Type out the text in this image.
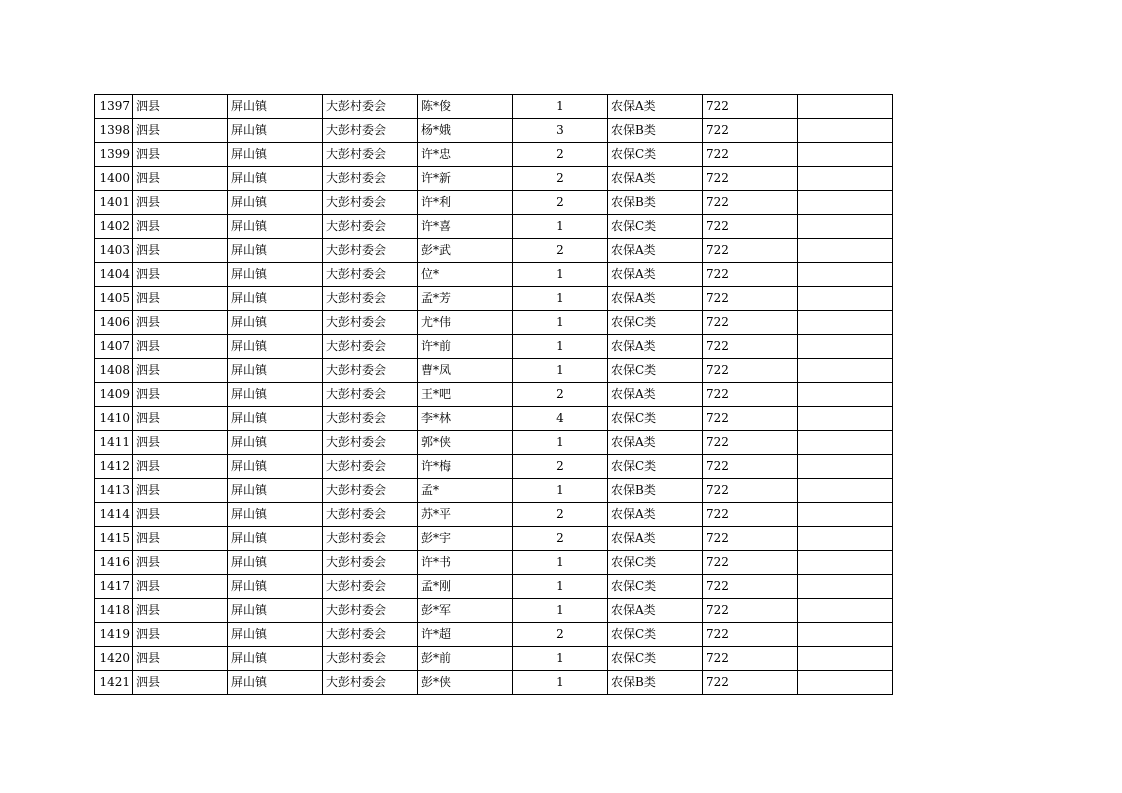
1397	泗县	屏山镇	大彭村委会	陈*俊	1	农保A类	722	
1398	泗县	屏山镇	大彭村委会	杨*娥	3	农保B类	722	
1399	泗县	屏山镇	大彭村委会	许*忠	2	农保C类	722	
1400	泗县	屏山镇	大彭村委会	许*新	2	农保A类	722	
1401	泗县	屏山镇	大彭村委会	许*利	2	农保B类	722	
1402	泗县	屏山镇	大彭村委会	许*喜	1	农保C类	722	
1403	泗县	屏山镇	大彭村委会	彭*武	2	农保A类	722	
1404	泗县	屏山镇	大彭村委会	位*	1	农保A类	722	
1405	泗县	屏山镇	大彭村委会	孟*芳	1	农保A类	722	
1406	泗县	屏山镇	大彭村委会	尤*伟	1	农保C类	722	
1407	泗县	屏山镇	大彭村委会	许*前	1	农保A类	722	
1408	泗县	屏山镇	大彭村委会	曹*凤	1	农保C类	722	
1409	泗县	屏山镇	大彭村委会	王*吧	2	农保A类	722	
1410	泗县	屏山镇	大彭村委会	李*林	4	农保C类	722	
1411	泗县	屏山镇	大彭村委会	郭*侠	1	农保A类	722	
1412	泗县	屏山镇	大彭村委会	许*梅	2	农保C类	722	
1413	泗县	屏山镇	大彭村委会	孟*	1	农保B类	722	
1414	泗县	屏山镇	大彭村委会	苏*平	2	农保A类	722	
1415	泗县	屏山镇	大彭村委会	彭*宇	2	农保A类	722	
1416	泗县	屏山镇	大彭村委会	许*书	1	农保C类	722	
1417	泗县	屏山镇	大彭村委会	孟*刚	1	农保C类	722	
1418	泗县	屏山镇	大彭村委会	彭*军	1	农保A类	722	
1419	泗县	屏山镇	大彭村委会	许*超	2	农保C类	722	
1420	泗县	屏山镇	大彭村委会	彭*前	1	农保C类	722	
1421	泗县	屏山镇	大彭村委会	彭*侠	1	农保B类	722	
